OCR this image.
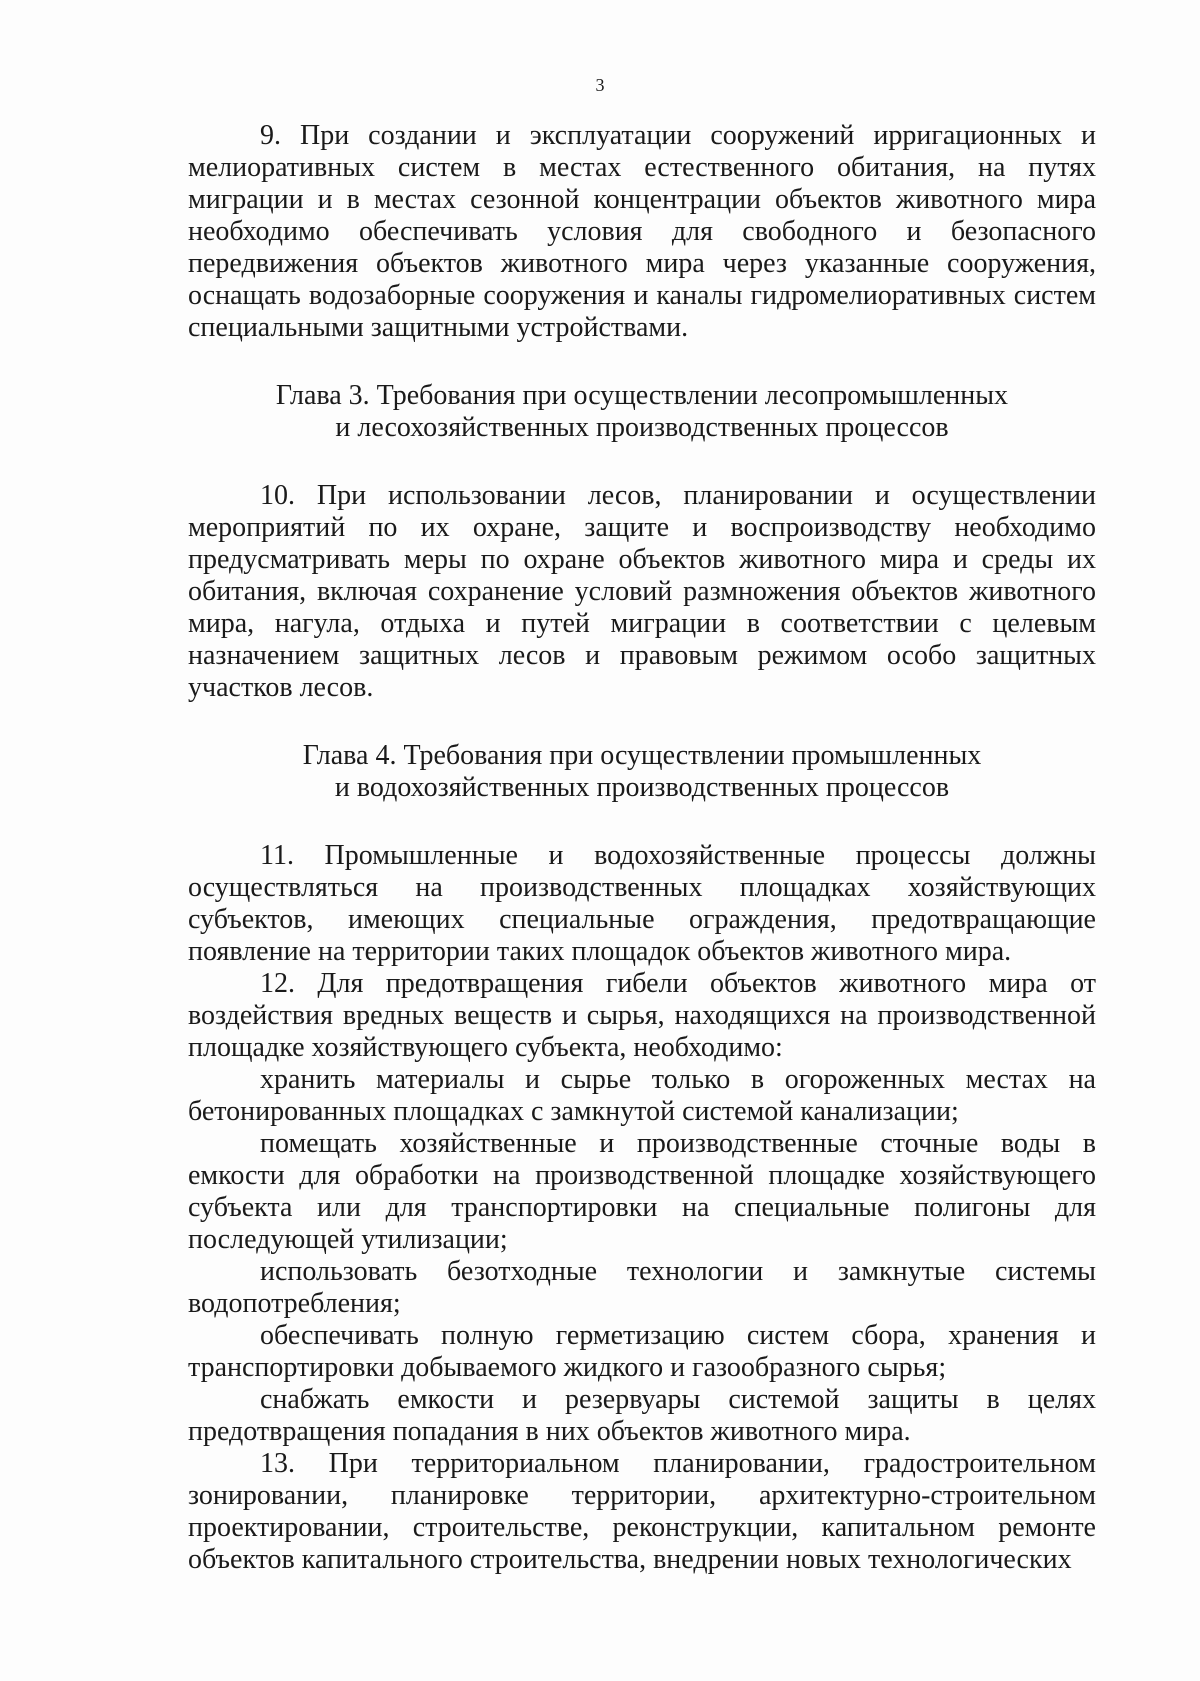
3

9. При создании и эксплуатации сооружений ирригационных и мелиоративных систем в местах естественного обитания, на путях миграции и в местах сезонной концентрации объектов животного мира необходимо обеспечивать условия для свободного и безопасного передвижения объектов животного мира через указанные сооружения, оснащать водозаборные сооружения и каналы гидромелиоративных систем специальными защитными устройствами.

Глава 3. Требования при осуществлении лесопромышленных
и лесохозяйственных производственных процессов

10. При использовании лесов, планировании и осуществлении мероприятий по их охране, защите и воспроизводству необходимо предусматривать меры по охране объектов животного мира и среды их обитания, включая сохранение условий размножения объектов животного мира, нагула, отдыха и путей миграции в соответствии с целевым назначением защитных лесов и правовым режимом особо защитных участков лесов.

Глава 4. Требования при осуществлении промышленных
и водохозяйственных производственных процессов

11. Промышленные и водохозяйственные процессы должны осуществляться на производственных площадках хозяйствующих субъектов, имеющих специальные ограждения, предотвращающие появление на территории таких площадок объектов животного мира.

12. Для предотвращения гибели объектов животного мира от воздействия вредных веществ и сырья, находящихся на производственной площадке хозяйствующего субъекта, необходимо:

хранить материалы и сырье только в огороженных местах на бетонированных площадках с замкнутой системой канализации;

помещать хозяйственные и производственные сточные воды в емкости для обработки на производственной площадке хозяйствующего субъекта или для транспортировки на специальные полигоны для последующей утилизации;

использовать безотходные технологии и замкнутые системы водопотребления;

обеспечивать полную герметизацию систем сбора, хранения и транспортировки добываемого жидкого и газообразного сырья;

снабжать емкости и резервуары системой защиты в целях предотвращения попадания в них объектов животного мира.

13. При территориальном планировании, градостроительном зонировании, планировке территории, архитектурно-строительном проектировании, строительстве, реконструкции, капитальном ремонте объектов капитального строительства, внедрении новых технологических
